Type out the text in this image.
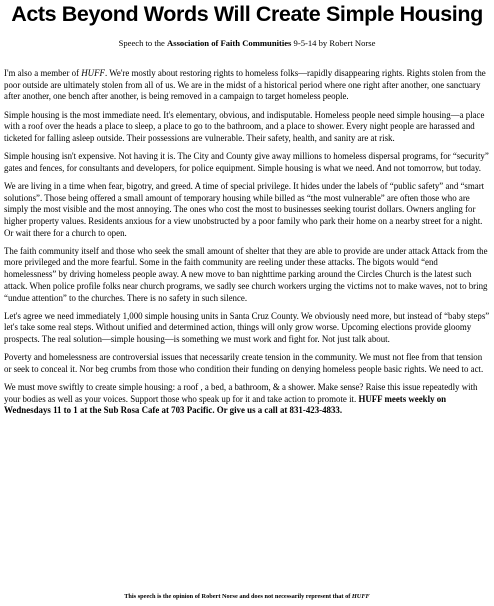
Acts Beyond Words Will Create Simple Housing
Speech to the Association of Faith Communities 9-5-14 by Robert Norse

I'm also a member of HUFF. We're mostly about restoring rights to homeless folks—rapidly disappearing rights. Rights stolen from the poor outside are ultimately stolen from all of us. We are in the midst of a historical period where one right after another, one sanctuary after another, one bench after another, is being removed in a campaign to target homeless people.

Simple housing is the most immediate need. It's elementary, obvious, and indisputable. Homeless people need simple housing—a place with a roof over the heads a place to sleep, a place to go to the bathroom, and a place to shower. Every night people are harassed and ticketed for falling asleep outside. Their possessions are vulnerable. Their safety, health, and sanity are at risk.

Simple housing isn't expensive. Not having it is. The City and County give away millions to homeless dispersal programs, for “security” gates and fences, for consultants and developers, for police equipment. Simple housing is what we need. And not tomorrow, but today.

We are living in a time when fear, bigotry, and greed. A time of special privilege. It hides under the labels of “public safety” and “smart solutions”. Those being offered a small amount of temporary housing while billed as “the most vulnerable” are often those who are simply the most visible and the most annoying. The ones who cost the most to businesses seeking tourist dollars. Owners angling for higher property values. Residents anxious for a view unobstructed by a poor family who park their home on a nearby street for a night. Or wait there for a church to open.

The faith community itself and those who seek the small amount of shelter that they are able to provide are under attack Attack from the more privileged and the more fearful. Some in the faith community are reeling under these attacks. The bigots would “end homelessness” by driving homeless people away. A new move to ban nighttime parking around the Circles Church is the latest such attack. When police profile folks near church programs, we sadly see church workers urging the victims not to make waves, not to bring “undue attention” to the churches. There is no safety in such silence.

Let's agree we need immediately 1,000 simple housing units in Santa Cruz County. We obviously need more, but instead of “baby steps” let's take some real steps. Without unified and determined action, things will only grow worse. Upcoming elections provide gloomy prospects. The real solution—simple housing—is something we must work and fight for. Not just talk about.

Poverty and homelessness are controversial issues that necessarily create tension in the community. We must not flee from that tension or seek to conceal it. Nor beg crumbs from those who condition their funding on denying homeless people basic rights. We need to act.

We must move swiftly to create simple housing: a roof , a bed, a bathroom, & a shower. Make sense? Raise this issue repeatedly with your bodies as well as your voices. Support those who speak up for it and take action to promote it. HUFF meets weekly on Wednesdays 11 to 1 at the Sub Rosa Cafe at 703 Pacific. Or give us a call at 831-423-4833.

This speech is the opinion of Robert Norse and does not necessarily represent that of HUFF
